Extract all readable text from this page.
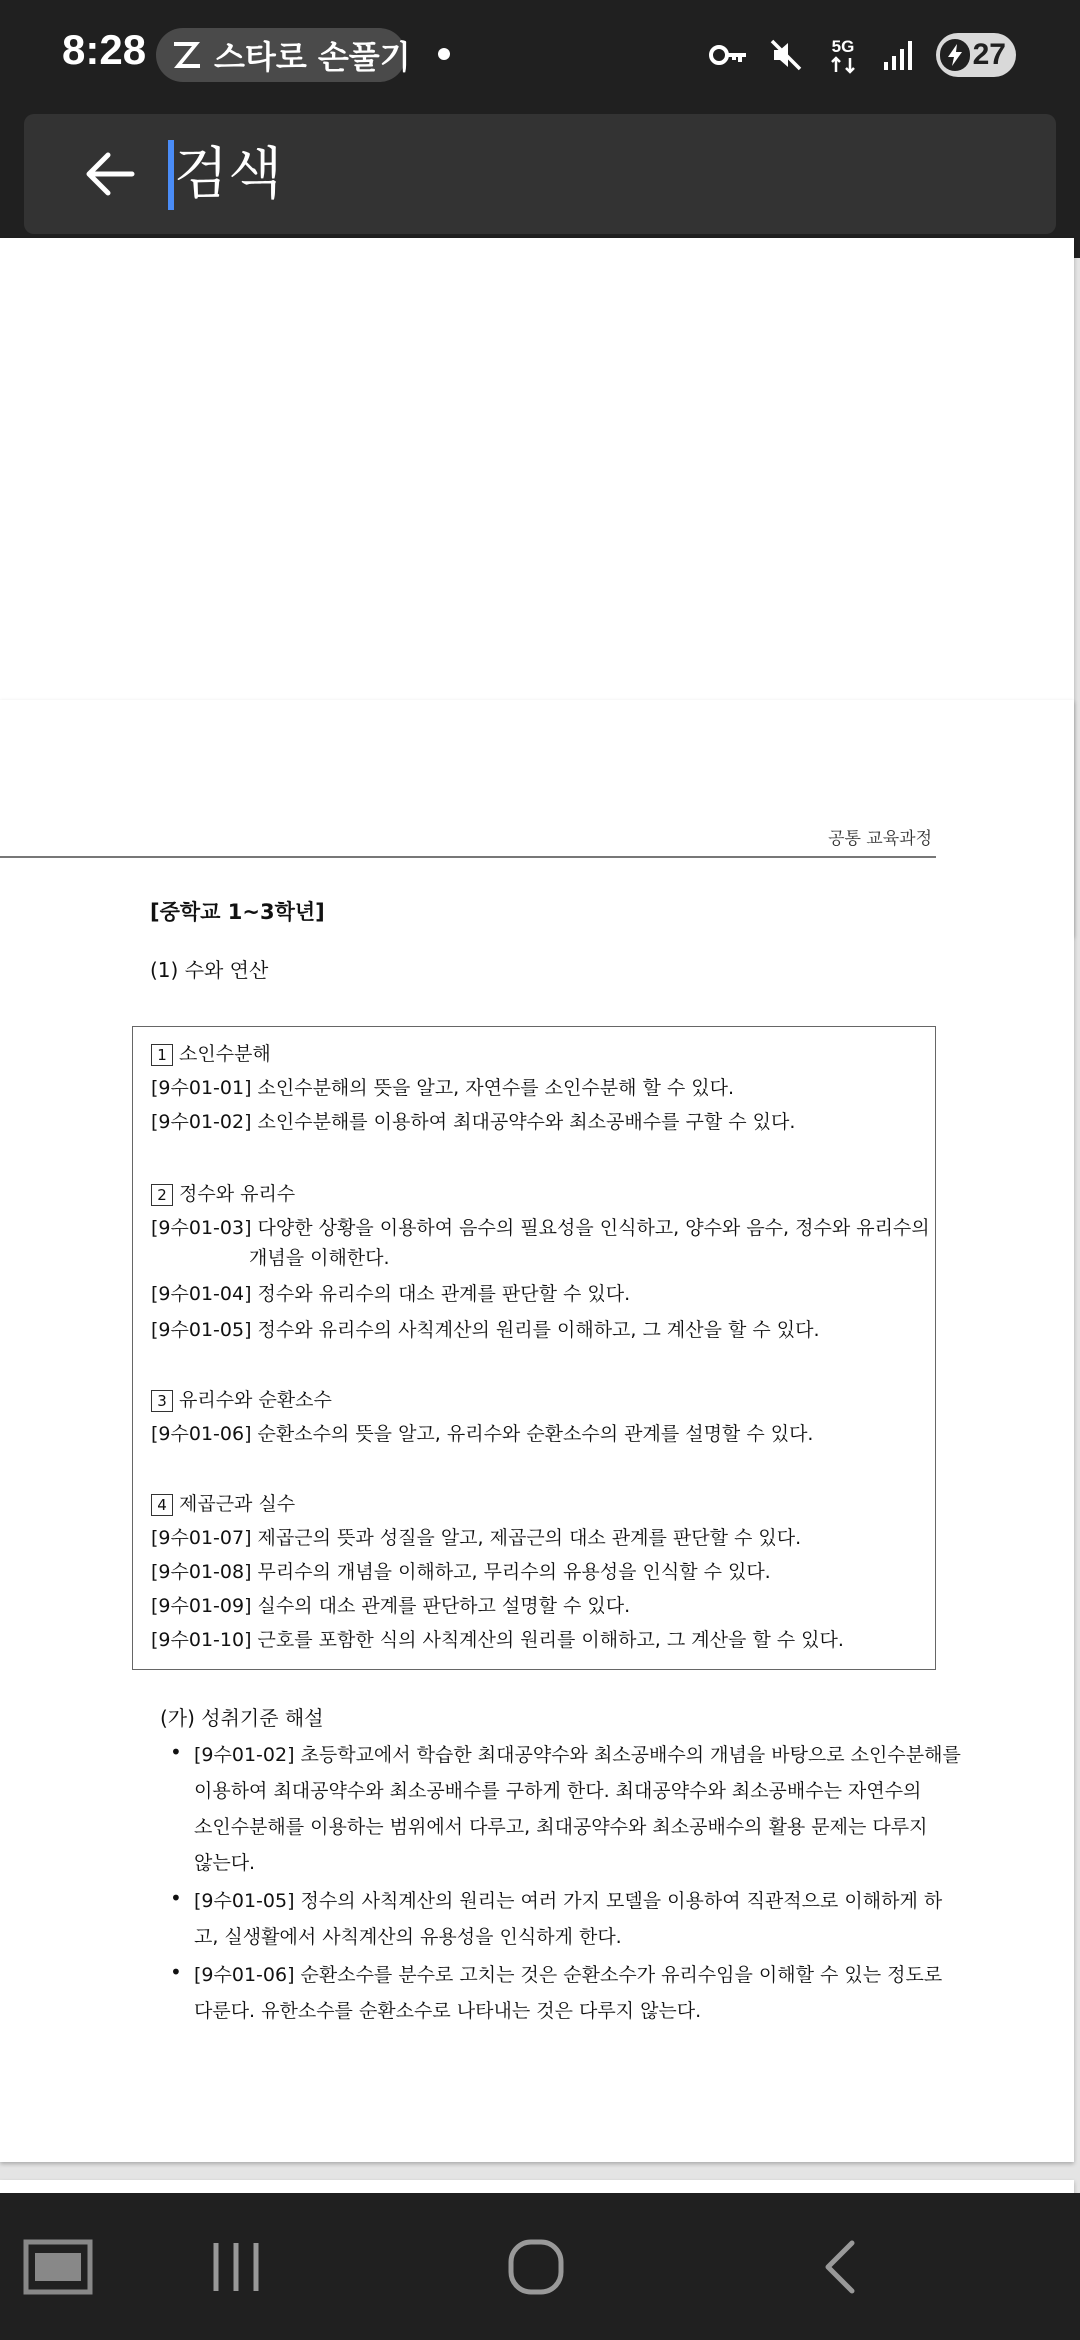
8:28 스타로 손풀기	5G	27
검색
공통 교육과정
[중학교 1~3학년]
(1) 수와 연산
1 소인수분해
[9수01-01] 소인수분해의 뜻을 알고, 자연수를 소인수분해 할 수 있다.
[9수01-02] 소인수분해를 이용하여 최대공약수와 최소공배수를 구할 수 있다.
2 정수와 유리수
[9수01-03] 다양한 상황을 이용하여 음수의 필요성을 인식하고, 양수와 음수, 정수와 유리수의
개념을 이해한다.
[9수01-04] 정수와 유리수의 대소 관계를 판단할 수 있다.
[9수01-05] 정수와 유리수의 사칙계산의 원리를 이해하고, 그 계산을 할 수 있다.
3 유리수와 순환소수
[9수01-06] 순환소수의 뜻을 알고, 유리수와 순환소수의 관계를 설명할 수 있다.
4 제곱근과 실수
[9수01-07] 제곱근의 뜻과 성질을 알고, 제곱근의 대소 관계를 판단할 수 있다.
[9수01-08] 무리수의 개념을 이해하고, 무리수의 유용성을 인식할 수 있다.
[9수01-09] 실수의 대소 관계를 판단하고 설명할 수 있다.
[9수01-10] 근호를 포함한 식의 사칙계산의 원리를 이해하고, 그 계산을 할 수 있다.
(가) 성취기준 해설
• [9수01-02] 초등학교에서 학습한 최대공약수와 최소공배수의 개념을 바탕으로 소인수분해를
이용하여 최대공약수와 최소공배수를 구하게 한다. 최대공약수와 최소공배수는 자연수의
소인수분해를 이용하는 범위에서 다루고, 최대공약수와 최소공배수의 활용 문제는 다루지
않는다.
• [9수01-05] 정수의 사칙계산의 원리는 여러 가지 모델을 이용하여 직관적으로 이해하게 하
고, 실생활에서 사칙계산의 유용성을 인식하게 한다.
• [9수01-06] 순환소수를 분수로 고치는 것은 순환소수가 유리수임을 이해할 수 있는 정도로
다룬다. 유한소수를 순환소수로 나타내는 것은 다루지 않는다.
